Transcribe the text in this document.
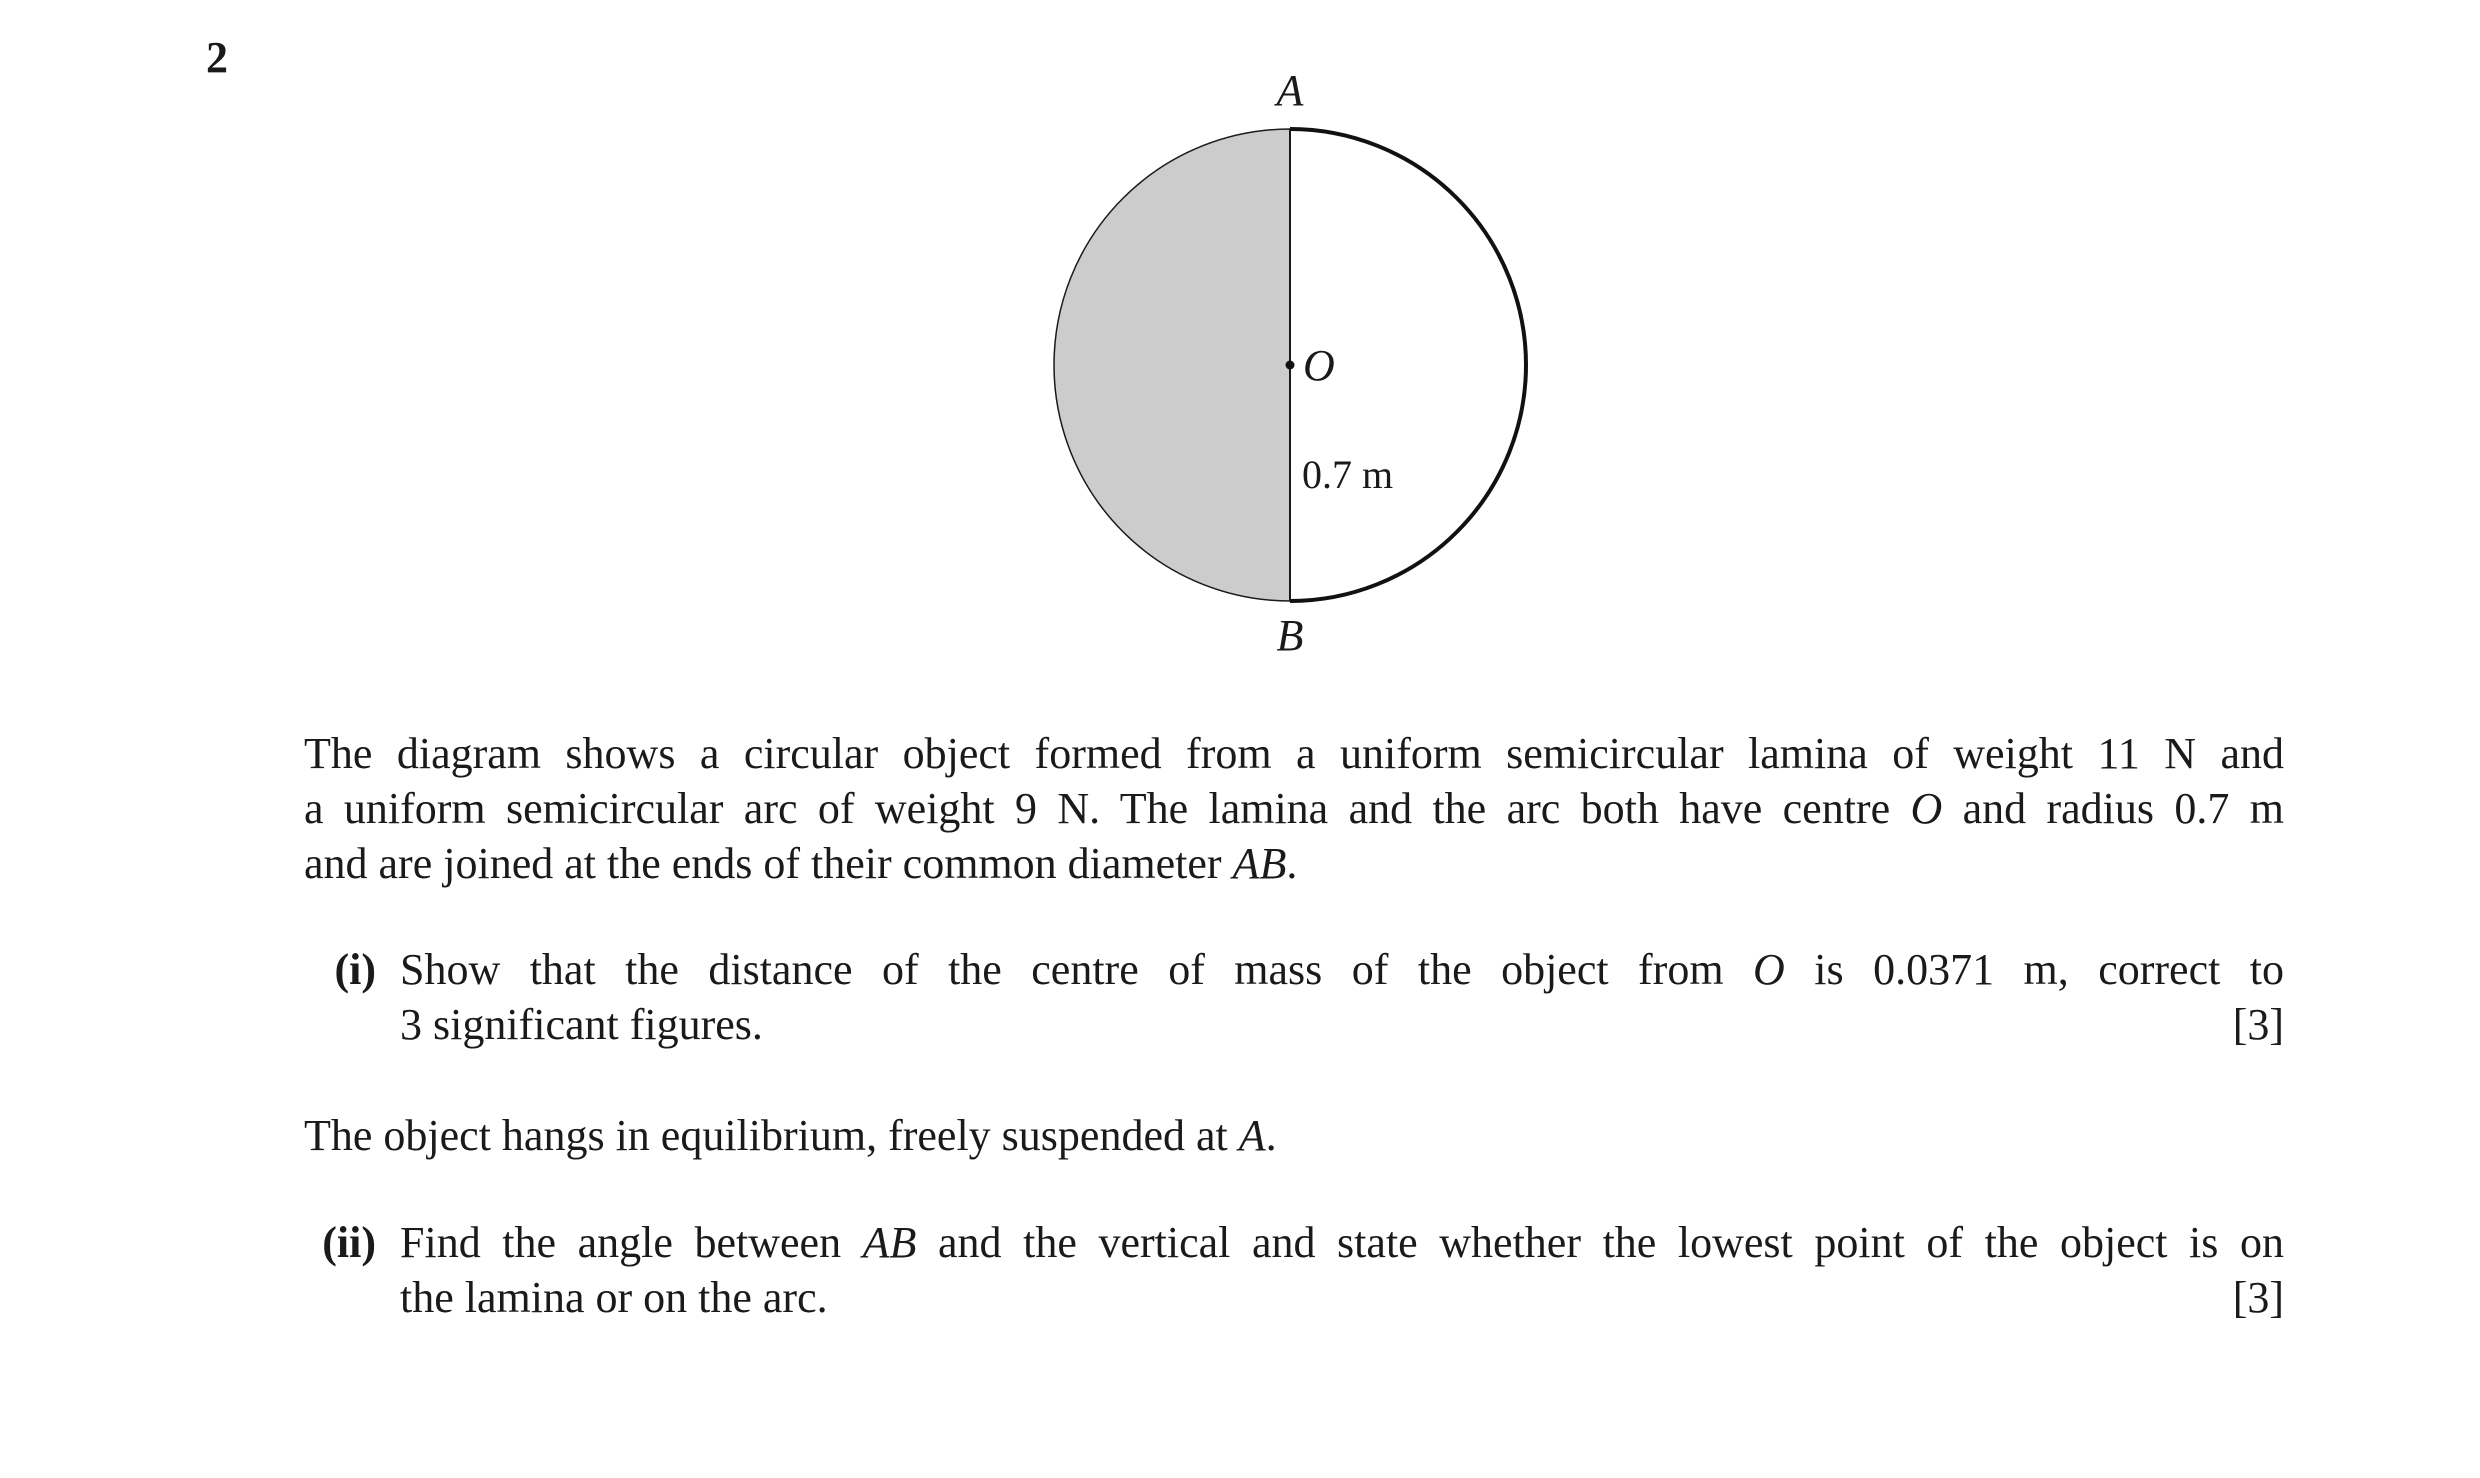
2
A
B
O
0.7 m
The diagram shows a circular object formed from a uniform semicircular lamina of weight 11 N and
a uniform semicircular arc of weight 9 N. The lamina and the arc both have centre O and radius 0.7 m
and are joined at the ends of their common diameter AB.
(i) Show that the distance of the centre of mass of the object from O is 0.0371 m, correct to
3 significant figures.	[3]
The object hangs in equilibrium, freely suspended at A.
(ii) Find the angle between AB and the vertical and state whether the lowest point of the object is on
the lamina or on the arc.	[3]
